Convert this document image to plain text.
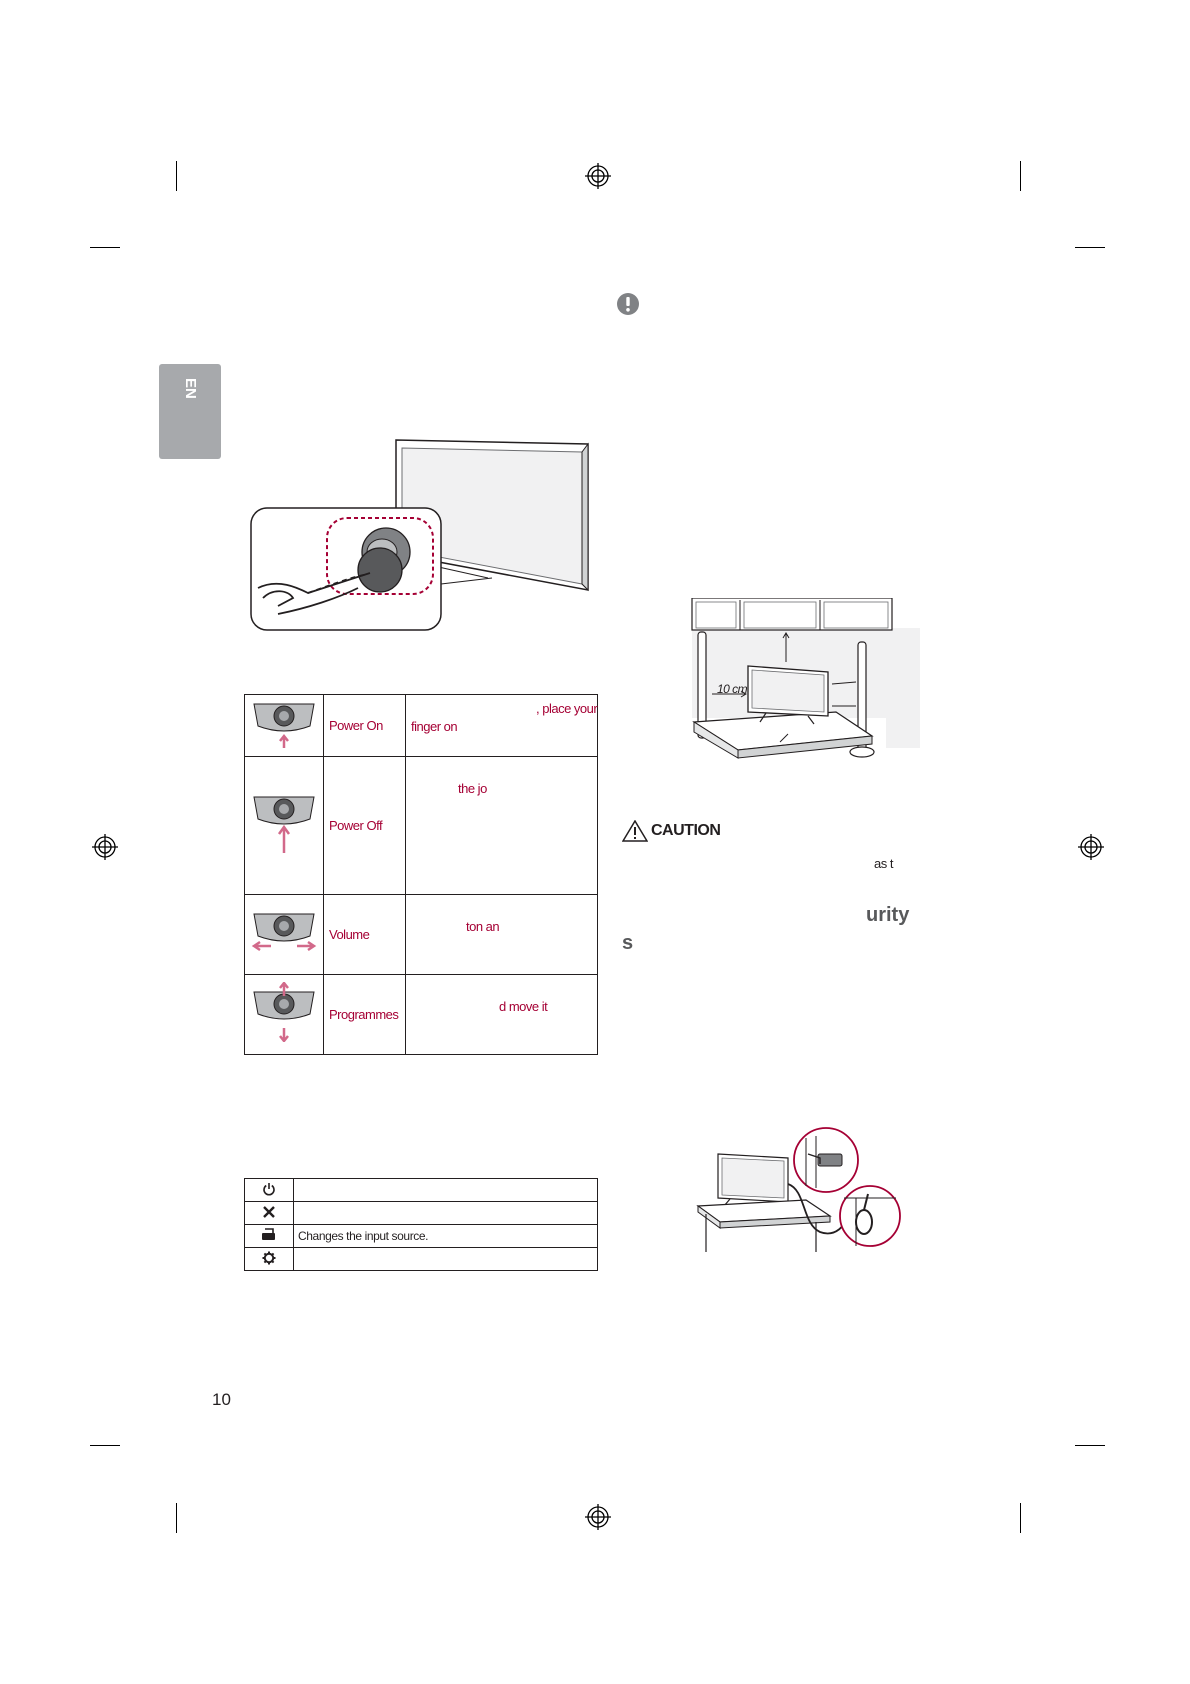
EN
	Power On	, place your
finger on

	Power Off	the jo

	Volume	ton an

	Programmes	d move it

	Changes the input source.

10
10 cm
CAUTION
as t
urity
s
